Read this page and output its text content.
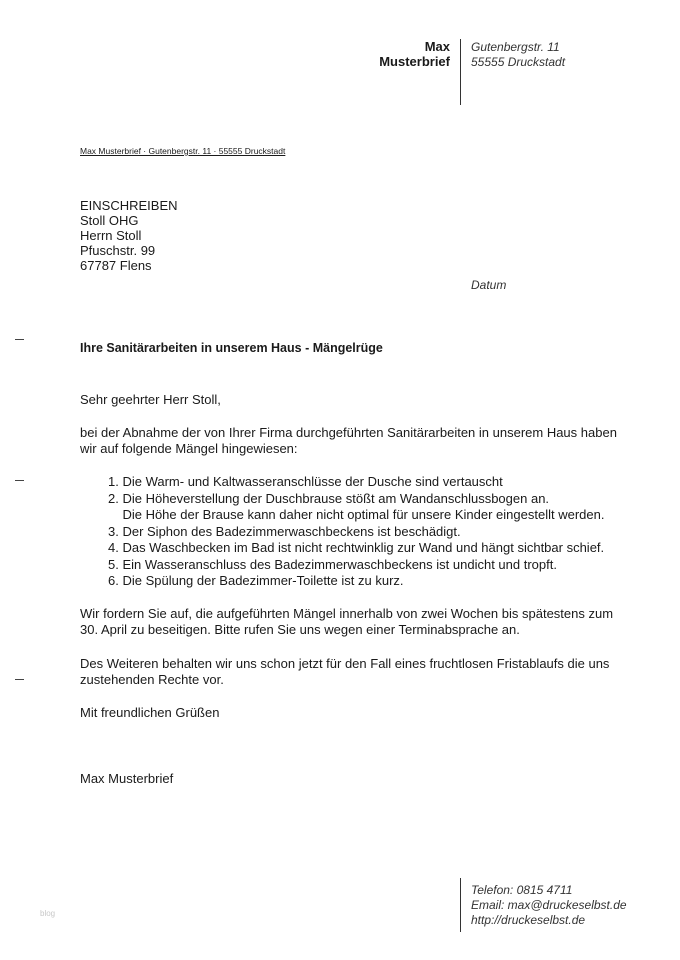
Max
Musterbrief
Gutenbergstr. 11
55555 Druckstadt
Max Musterbrief · Gutenbergstr. 11 · 55555 Druckstadt
EINSCHREIBEN
Stoll OHG
Herrn Stoll
Pfuschstr. 99
67787 Flens
Datum
Ihre Sanitärarbeiten in unserem Haus - Mängelrüge
Sehr geehrter Herr Stoll,
bei der Abnahme der von Ihrer Firma durchgeführten Sanitärarbeiten in unserem Haus haben wir auf folgende Mängel hingewiesen:
1. Die Warm- und Kaltwasseranschlüsse der Dusche sind vertauscht
2. Die Höheverstellung der Duschbrause stößt am Wandanschlussbogen an.
Die Höhe der Brause kann daher nicht optimal für unsere Kinder eingestellt werden.
3. Der Siphon des Badezimmerwaschbeckens ist beschädigt.
4. Das Waschbecken im Bad ist nicht rechtwinklig zur Wand und hängt sichtbar schief.
5. Ein Wasseranschluss des Badezimmerwaschbeckens ist undicht und tropft.
6. Die Spülung der Badezimmer-Toilette ist zu kurz.
Wir fordern Sie auf, die aufgeführten Mängel innerhalb von zwei Wochen bis spätestens zum 30. April zu beseitigen. Bitte rufen Sie uns wegen einer Terminabsprache an.
Des Weiteren behalten wir uns schon jetzt für den Fall eines fruchtlosen Fristablaufs die uns zustehenden Rechte vor.
Mit freundlichen Grüßen
Max Musterbrief
Telefon: 0815 4711
Email: max@druckeselbst.de
http://druckeselbst.de
blog
